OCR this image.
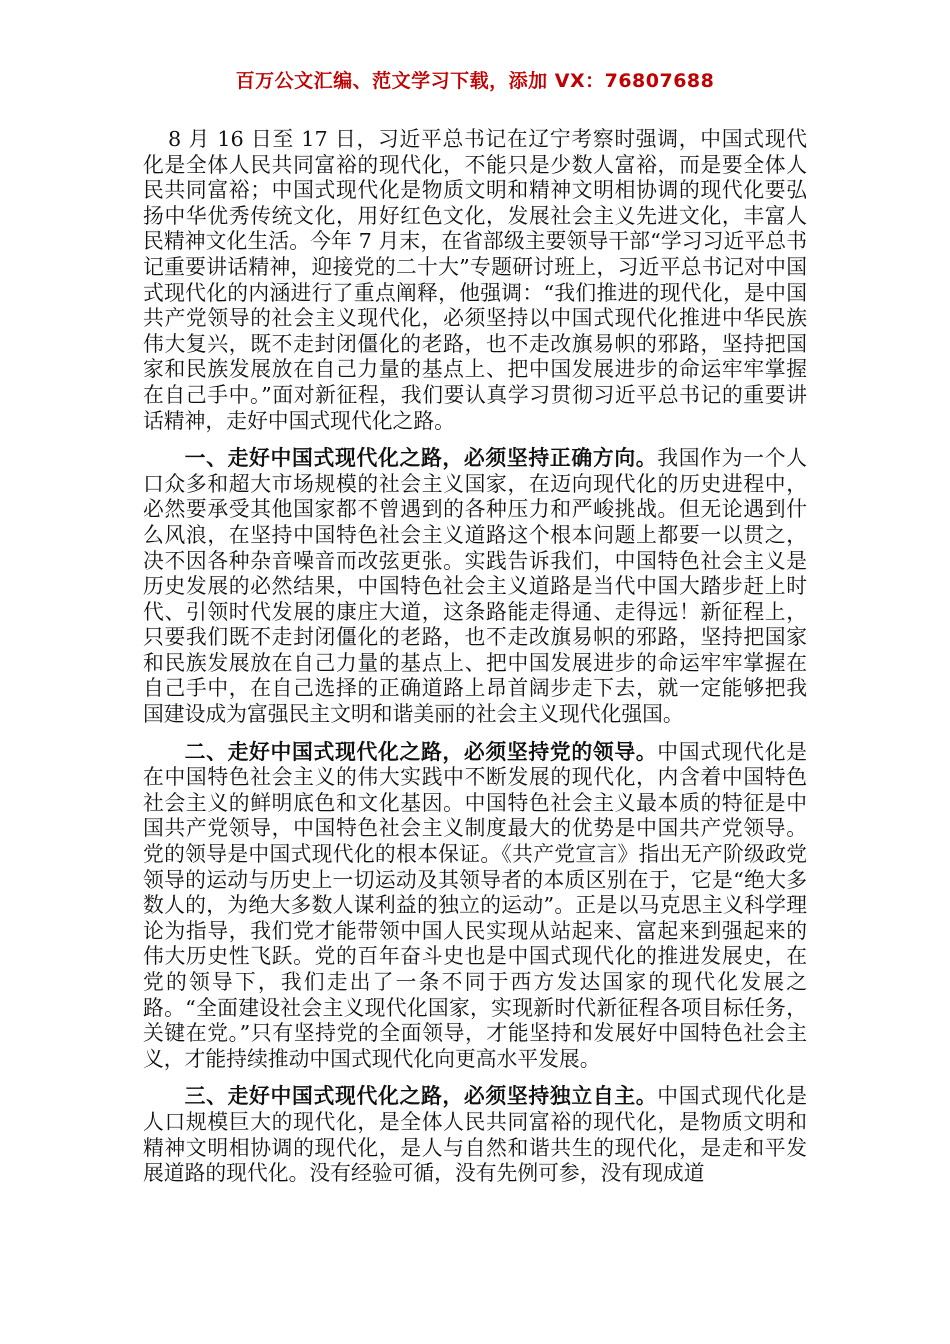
百万公文汇编、范文学习下载，添加 VX：76807688

8 月 16 日至 17 日，习近平总书记在辽宁考察时强调，中国式现代化是全体人民共同富裕的现代化，不能只是少数人富裕，而是要全体人民共同富裕；中国式现代化是物质文明和精神文明相协调的现代化要弘扬中华优秀传统文化，用好红色文化，发展社会主义先进文化，丰富人民精神文化生活。今年 7 月末，在省部级主要领导干部“学习习近平总书记重要讲话精神，迎接党的二十大”专题研讨班上，习近平总书记对中国式现代化的内涵进行了重点阐释，他强调：“我们推进的现代化，是中国共产党领导的社会主义现代化，必须坚持以中国式现代化推进中华民族伟大复兴，既不走封闭僵化的老路，也不走改旗易帜的邪路，坚持把国家和民族发展放在自己力量的基点上、把中国发展进步的命运牢牢掌握在自己手中。”面对新征程，我们要认真学习贯彻习近平总书记的重要讲话精神，走好中国式现代化之路。

一、走好中国式现代化之路，必须坚持正确方向。我国作为一个人口众多和超大市场规模的社会主义国家，在迈向现代化的历史进程中，必然要承受其他国家都不曾遇到的各种压力和严峻挑战。但无论遇到什么风浪，在坚持中国特色社会主义道路这个根本问题上都要一以贯之，决不因各种杂音噪音而改弦更张。实践告诉我们，中国特色社会主义是历史发展的必然结果，中国特色社会主义道路是当代中国大踏步赶上时代、引领时代发展的康庄大道，这条路能走得通、走得远！新征程上，只要我们既不走封闭僵化的老路，也不走改旗易帜的邪路，坚持把国家和民族发展放在自己力量的基点上、把中国发展进步的命运牢牢掌握在自己手中，在自己选择的正确道路上昂首阔步走下去，就一定能够把我国建设成为富强民主文明和谐美丽的社会主义现代化强国。

二、走好中国式现代化之路，必须坚持党的领导。中国式现代化是在中国特色社会主义的伟大实践中不断发展的现代化，内含着中国特色社会主义的鲜明底色和文化基因。中国特色社会主义最本质的特征是中国共产党领导，中国特色社会主义制度最大的优势是中国共产党领导。党的领导是中国式现代化的根本保证。《共产党宣言》指出无产阶级政党领导的运动与历史上一切运动及其领导者的本质区别在于，它是“绝大多数人的，为绝大多数人谋利益的独立的运动”。正是以马克思主义科学理论为指导，我们党才能带领中国人民实现从站起来、富起来到强起来的伟大历史性飞跃。党的百年奋斗史也是中国式现代化的推进发展史，在党的领导下，我们走出了一条不同于西方发达国家的现代化发展之路。“全面建设社会主义现代化国家，实现新时代新征程各项目标任务，关键在党。”只有坚持党的全面领导，才能坚持和发展好中国特色社会主义，才能持续推动中国式现代化向更高水平发展。

三、走好中国式现代化之路，必须坚持独立自主。中国式现代化是人口规模巨大的现代化，是全体人民共同富裕的现代化，是物质文明和精神文明相协调的现代化，是人与自然和谐共生的现代化，是走和平发展道路的现代化。没有经验可循，没有先例可参，没有现成道
